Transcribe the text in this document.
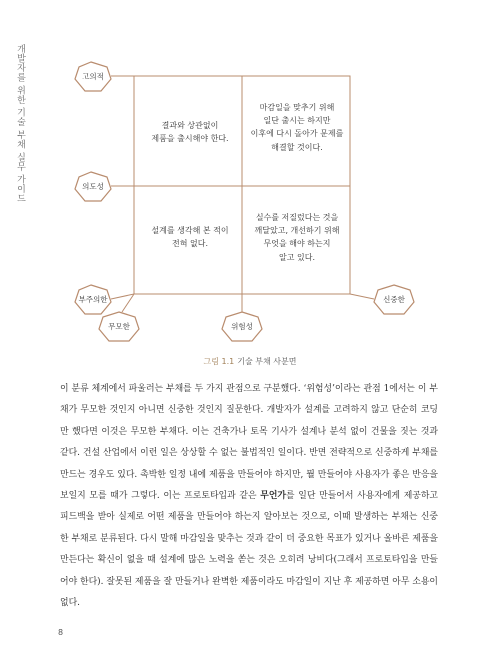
개발자를 위한 기술 부채 실무 가이드	고의적
의도성
부주의한
무모한	위험성
신중한
결과와 상관없이
제품을 출시해야 한다.
마감일을 맞추기 위해
일단 출시는 하지만
이후에 다시 돌아가 문제를
해결할 것이다.
설계를 생각해 본 적이
전혀 없다.
실수를 저질렀다는 것을
깨달았고, 개선하기 위해
무엇을 해야 하는지
알고 있다.
그림 1.1 기술 부채 사분면
이 분류 체계에서 파울러는 부채를 두 가지 관점으로 구분했다. ‘위험성’이라는 관점 1에서는 이 부채가 무모한 것인지 아니면 신중한 것인지 질문한다. 개발자가 설계를 고려하지 않고 단순히 코딩만 했다면 이것은 무모한 부채다. 이는 건축가나 토목 기사가 설계나 분석 없이 건물을 짓는 것과 같다. 건설 산업에서 이런 일은 상상할 수 없는 불법적인 일이다. 반면 전략적으로 신중하게 부채를 만드는 경우도 있다. 촉박한 일정 내에 제품을 만들어야 하지만, 뭘 만들어야 사용자가 좋은 반응을 보일지 모를 때가 그렇다. 이는 프로토타입과 같은 무언가를 일단 만들어서 사용자에게 제공하고 피드백을 받아 실제로 어떤 제품을 만들어야 하는지 알아보는 것으로, 이때 발생하는 부채는 신중한 부채로 분류된다. 다시 말해 마감일을 맞추는 것과 같이 더 중요한 목표가 있거나 올바른 제품을 만든다는 확신이 없을 때 설계에 많은 노력을 쏟는 것은 오히려 낭비다(그래서 프로토타입을 만들어야 한다). 잘못된 제품을 잘 만들거나 완벽한 제품이라도 마감일이 지난 후 제공하면 아무 소용이 없다.
8
